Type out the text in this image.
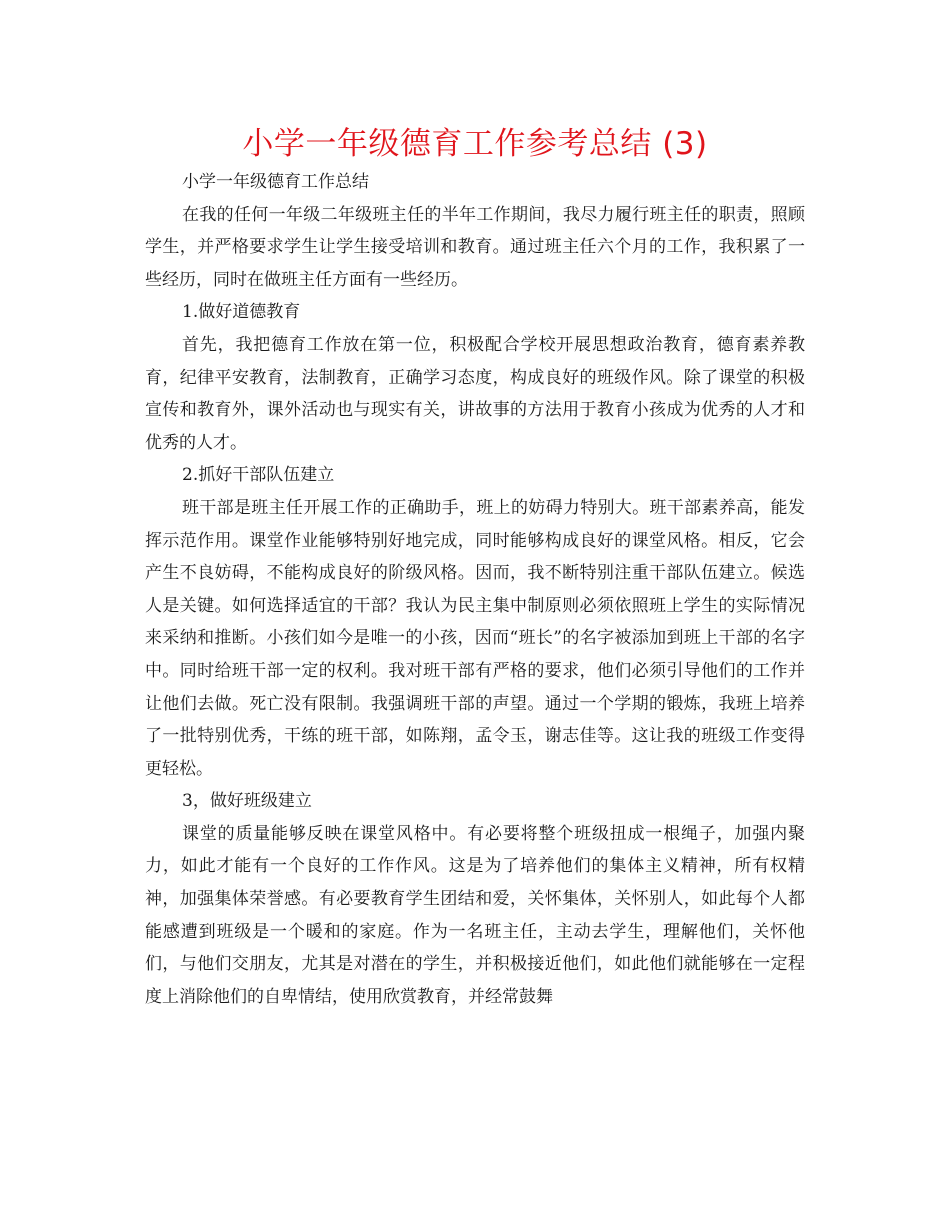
小学一年级德育工作参考总结 (3)

小学一年级德育工作总结

在我的任何一年级二年级班主任的半年工作期间，我尽力履行班主任的职责，照顾学生，并严格要求学生让学生接受培训和教育。通过班主任六个月的工作，我积累了一些经历，同时在做班主任方面有一些经历。

1.做好道德教育

首先，我把德育工作放在第一位，积极配合学校开展思想政治教育，德育素养教育，纪律平安教育，法制教育，正确学习态度，构成良好的班级作风。除了课堂的积极宣传和教育外，课外活动也与现实有关，讲故事的方法用于教育小孩成为优秀的人才和优秀的人才。

2.抓好干部队伍建立

班干部是班主任开展工作的正确助手，班上的妨碍力特别大。班干部素养高，能发挥示范作用。课堂作业能够特别好地完成，同时能够构成良好的课堂风格。相反，它会产生不良妨碍，不能构成良好的阶级风格。因而，我不断特别注重干部队伍建立。候选人是关键。如何选择适宜的干部？我认为民主集中制原则必须依照班上学生的实际情况来采纳和推断。小孩们如今是唯一的小孩，因而“班长”的名字被添加到班上干部的名字中。同时给班干部一定的权利。我对班干部有严格的要求，他们必须引导他们的工作并让他们去做。死亡没有限制。我强调班干部的声望。通过一个学期的锻炼，我班上培养了一批特别优秀，干练的班干部，如陈翔，孟令玉，谢志佳等。这让我的班级工作变得更轻松。

3，做好班级建立

课堂的质量能够反映在课堂风格中。有必要将整个班级扭成一根绳子，加强内聚力，如此才能有一个良好的工作作风。这是为了培养他们的集体主义精神，所有权精神，加强集体荣誉感。有必要教育学生团结和爱，关怀集体，关怀别人，如此每个人都能感遭到班级是一个暖和的家庭。作为一名班主任，主动去学生，理解他们，关怀他们，与他们交朋友，尤其是对潜在的学生，并积极接近他们，如此他们就能够在一定程度上消除他们的自卑情结，使用欣赏教育，并经常鼓舞
